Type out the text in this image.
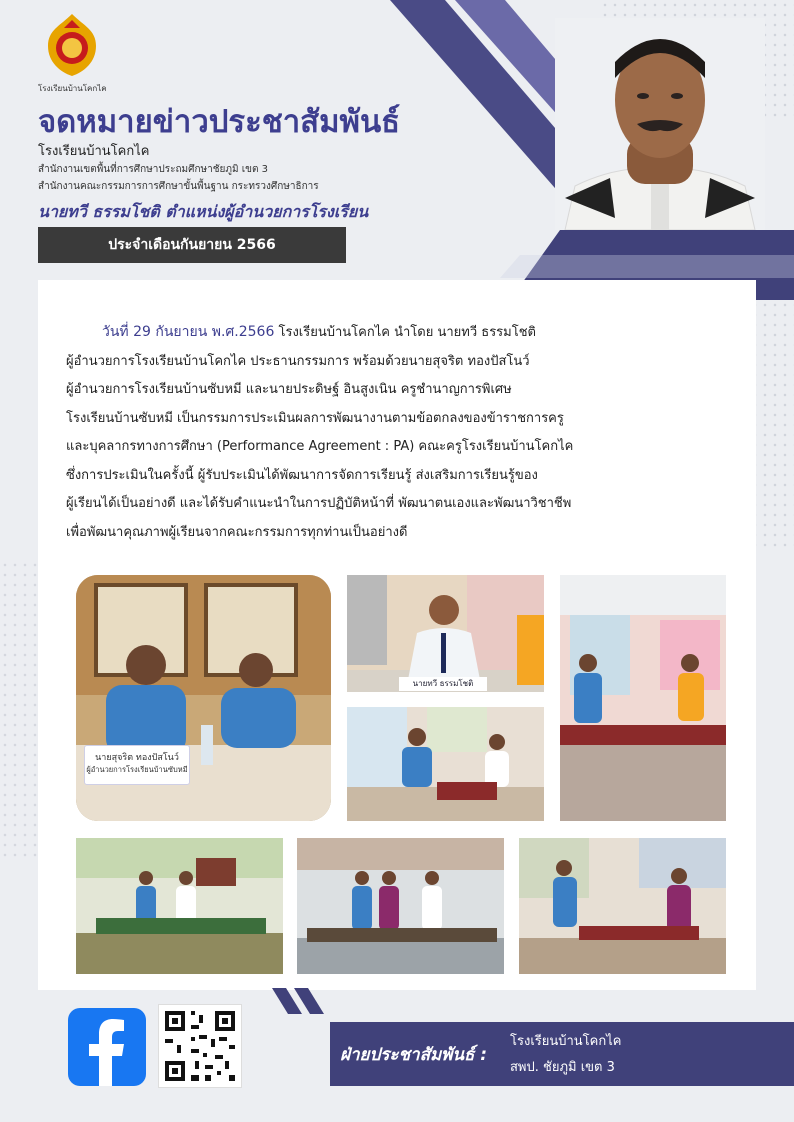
โรงเรียนบ้านโคกไค
จดหมายข่าวประชาสัมพันธ์
โรงเรียนบ้านโคกไค
สำนักงานเขตพื้นที่การศึกษาประถมศึกษาชัยภูมิ เขต 3
สำนักงานคณะกรรมการการศึกษาขั้นพื้นฐาน กระทรวงศึกษาธิการ
นายทวี ธรรมโชติ ตำแหน่งผู้อำนวยการโรงเรียน
ประจำเดือนกันยายน 2566
วันที่ 29 กันยายน พ.ศ.2566 โรงเรียนบ้านโคกไค นำโดย นายทวี ธรรมโชติ
ผู้อำนวยการโรงเรียนบ้านโคกไค ประธานกรรมการ พร้อมด้วยนายสุจริต ทองปัสโนว์
ผู้อำนวยการโรงเรียนบ้านซับหมี และนายประดิษฐ์ อินสูงเนิน ครูชำนาญการพิเศษ
โรงเรียนบ้านซับหมี เป็นกรรมการประเมินผลการพัฒนางานตามข้อตกลงของข้าราชการครู
และบุคลากรทางการศึกษา (Performance Agreement : PA) คณะครูโรงเรียนบ้านโคกไค
ซึ่งการประเมินในครั้งนี้ ผู้รับประเมินได้พัฒนาการจัดการเรียนรู้ ส่งเสริมการเรียนรู้ของ
ผู้เรียนได้เป็นอย่างดี และได้รับคำแนะนำในการปฏิบัติหน้าที่ พัฒนาตนเองและพัฒนาวิชาชีพ
เพื่อพัฒนาคุณภาพผู้เรียนจากคณะกรรมการทุกท่านเป็นอย่างดี
นายสุจริต ทองปัสโนว์
ผู้อำนวยการโรงเรียนบ้านซับหมี
นายทวี ธรรมโชติ
ฝ่ายประชาสัมพันธ์ :
โรงเรียนบ้านโคกไค
สพป. ชัยภูมิ เขต 3
